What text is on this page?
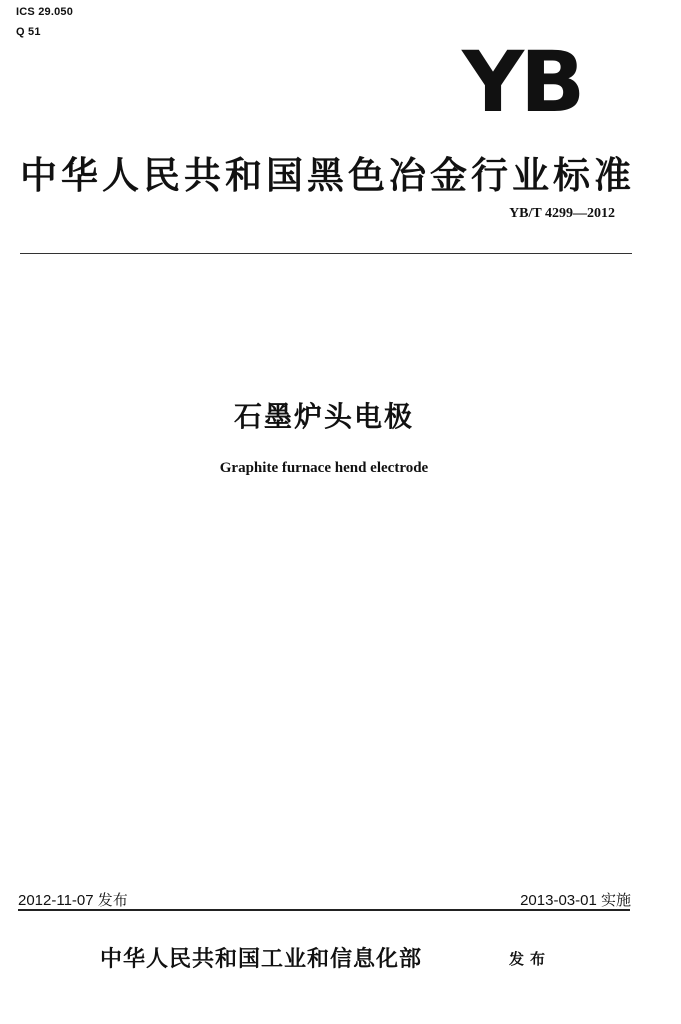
ICS 29.050
Q 51
YB
中华人民共和国黑色冶金行业标准
YB/T 4299—2012
石墨炉头电极
Graphite furnace hend electrode
2012-11-07 发布	2013-03-01 实施
中华人民共和国工业和信息化部	发布
